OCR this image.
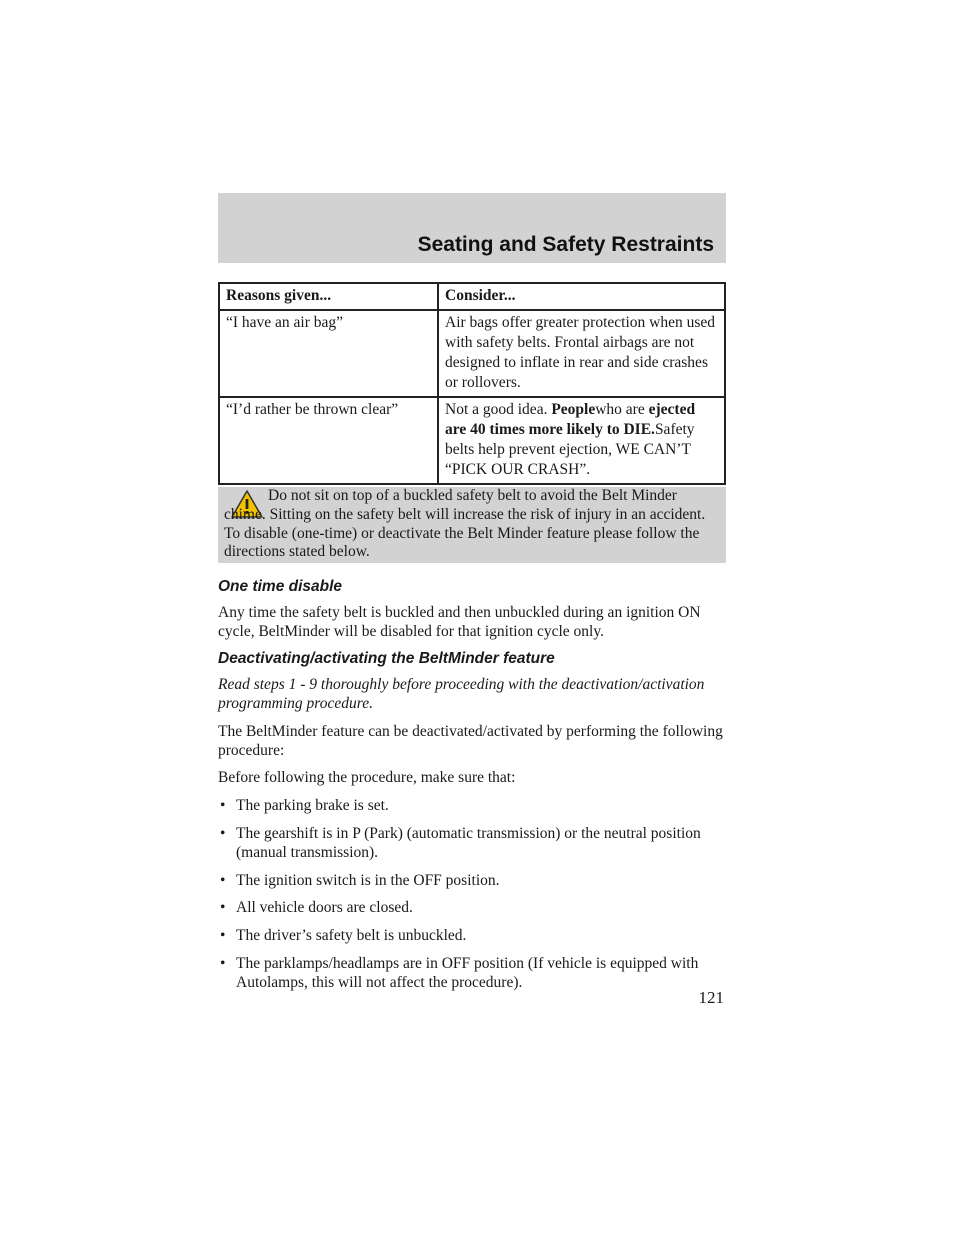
Seating and Safety Restraints
Reasons given...	Consider...
“I have an air bag”	Air bags offer greater protection when used with safety belts. Frontal airbags are not designed to inflate in rear and side crashes or rollovers.
“I’d rather be thrown clear”	Not a good idea. Peoplewho are ejected are 40 times more likely to DIE.Safety belts help prevent ejection, WE CAN’T “PICK OUR CRASH”.
Do not sit on top of a buckled safety belt to avoid the Belt Minder chime. Sitting on the safety belt will increase the risk of injury in an accident. To disable (one-time) or deactivate the Belt Minder feature please follow the directions stated below.
One time disable

Any time the safety belt is buckled and then unbuckled during an ignition ON cycle, BeltMinder will be disabled for that ignition cycle only.

Deactivating/activating the BeltMinder feature

Read steps 1 - 9 thoroughly before proceeding with the deactivation/activation programming procedure.

The BeltMinder feature can be deactivated/activated by performing the following procedure:

Before following the procedure, make sure that:

• The parking brake is set.
• The gearshift is in P (Park) (automatic transmission) or the neutral position (manual transmission).
• The ignition switch is in the OFF position.
• All vehicle doors are closed.
• The driver’s safety belt is unbuckled.
• The parklamps/headlamps are in OFF position (If vehicle is equipped with Autolamps, this will not affect the procedure).
121
